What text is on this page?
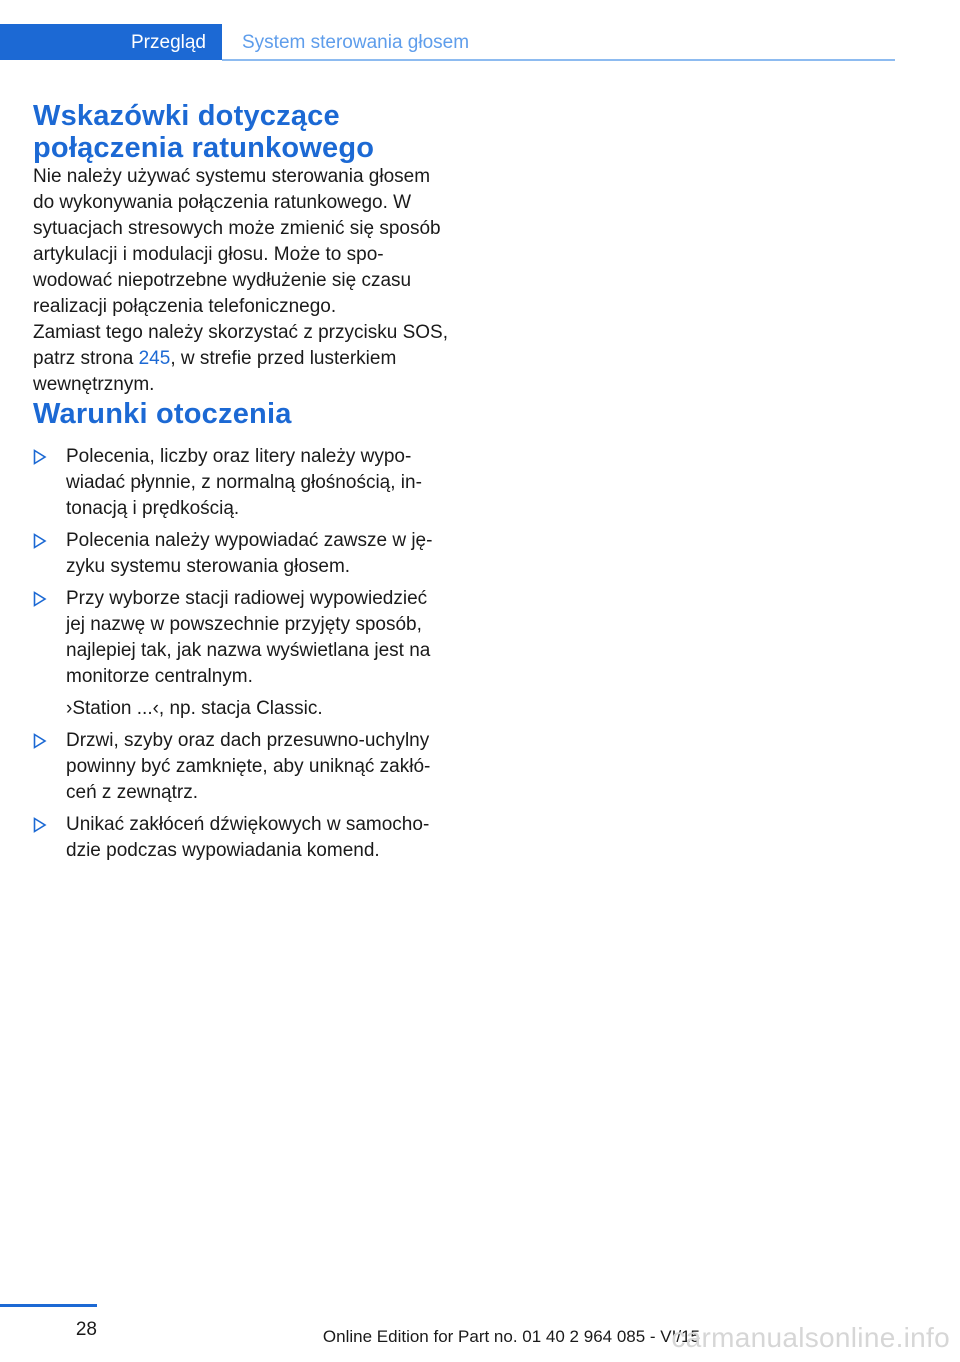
Przegląd	System sterowania głosem
Wskazówki dotyczące
połączenia ratunkowego

Nie należy używać systemu sterowania głosem do wykonywania połączenia ratunkowego. W sytuacjach stresowych może zmienić się sposób artykulacji i modulacji głosu. Może to spowodować niepotrzebne wydłużenie się czasu realizacji połączenia telefonicznego.

Zamiast tego należy skorzystać z przycisku SOS, patrz strona 245, w strefie przed lusterkiem wewnętrznym.

Warunki otoczenia
Polecenia, liczby oraz litery należy wypowiadać płynnie, z normalną głośnością, intonacją i prędkością.
Polecenia należy wypowiadać zawsze w języku systemu sterowania głosem.
Przy wyborze stacji radiowej wypowiedzieć jej nazwę w powszechnie przyjęty sposób, najlepiej tak, jak nazwa wyświetlana jest na monitorze centralnym.
›Station ...‹, np. stacja Classic.
Drzwi, szyby oraz dach przesuwno-uchylny powinny być zamknięte, aby uniknąć zakłóceń z zewnątrz.
Unikać zakłóceń dźwiękowych w samochodzie podczas wypowiadania komend.
28	Online Edition for Part no. 01 40 2 964 085 - VI/15
carmanualsonline.info
